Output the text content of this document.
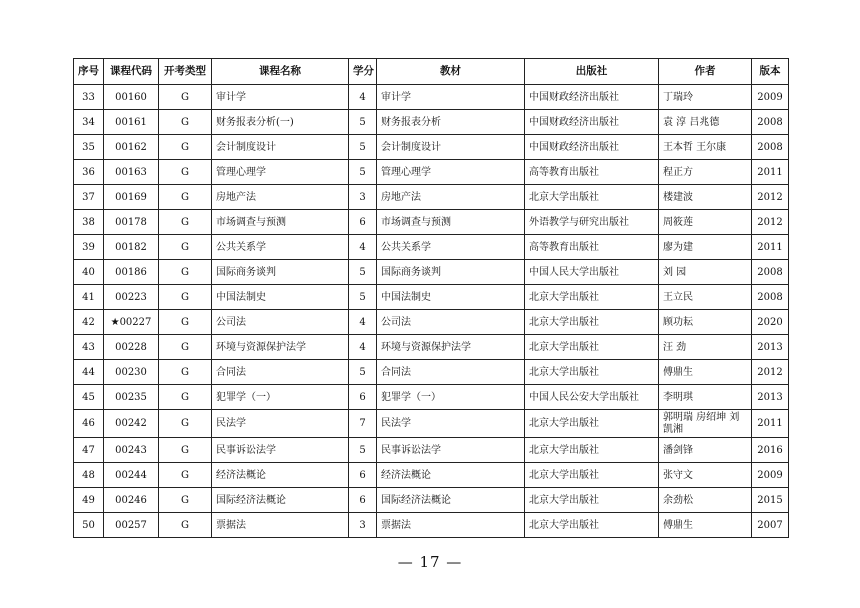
序号	课程代码	开考类型	课程名称	学分	教材	出版社	作者	版本
33	00160	G	审计学	4	审计学	中国财政经济出版社	丁瑞玲	2009
34	00161	G	财务报表分析(一)	5	财务报表分析	中国财政经济出版社	袁 淳 吕兆德	2008
35	00162	G	会计制度设计	5	会计制度设计	中国财政经济出版社	王本哲 王尔康	2008
36	00163	G	管理心理学	5	管理心理学	高等教育出版社	程正方	2011
37	00169	G	房地产法	3	房地产法	北京大学出版社	楼建波	2012
38	00178	G	市场调查与预测	6	市场调查与预测	外语教学与研究出版社	周筱莲	2012
39	00182	G	公共关系学	4	公共关系学	高等教育出版社	廖为建	2011
40	00186	G	国际商务谈判	5	国际商务谈判	中国人民大学出版社	刘 园	2008
41	00223	G	中国法制史	5	中国法制史	北京大学出版社	王立民	2008
42	★00227	G	公司法	4	公司法	北京大学出版社	顾功耘	2020
43	00228	G	环境与资源保护法学	4	环境与资源保护法学	北京大学出版社	汪 劲	2013
44	00230	G	合同法	5	合同法	北京大学出版社	傅鼎生	2012
45	00235	G	犯罪学（一）	6	犯罪学（一）	中国人民公安大学出版社	李明琪	2013
46	00242	G	民法学	7	民法学	北京大学出版社	郭明瑞 房绍坤 刘凯湘	2011
47	00243	G	民事诉讼法学	5	民事诉讼法学	北京大学出版社	潘剑锋	2016
48	00244	G	经济法概论	6	经济法概论	北京大学出版社	张守文	2009
49	00246	G	国际经济法概论	6	国际经济法概论	北京大学出版社	余劲松	2015
50	00257	G	票据法	3	票据法	北京大学出版社	傅鼎生	2007
— 17 —
